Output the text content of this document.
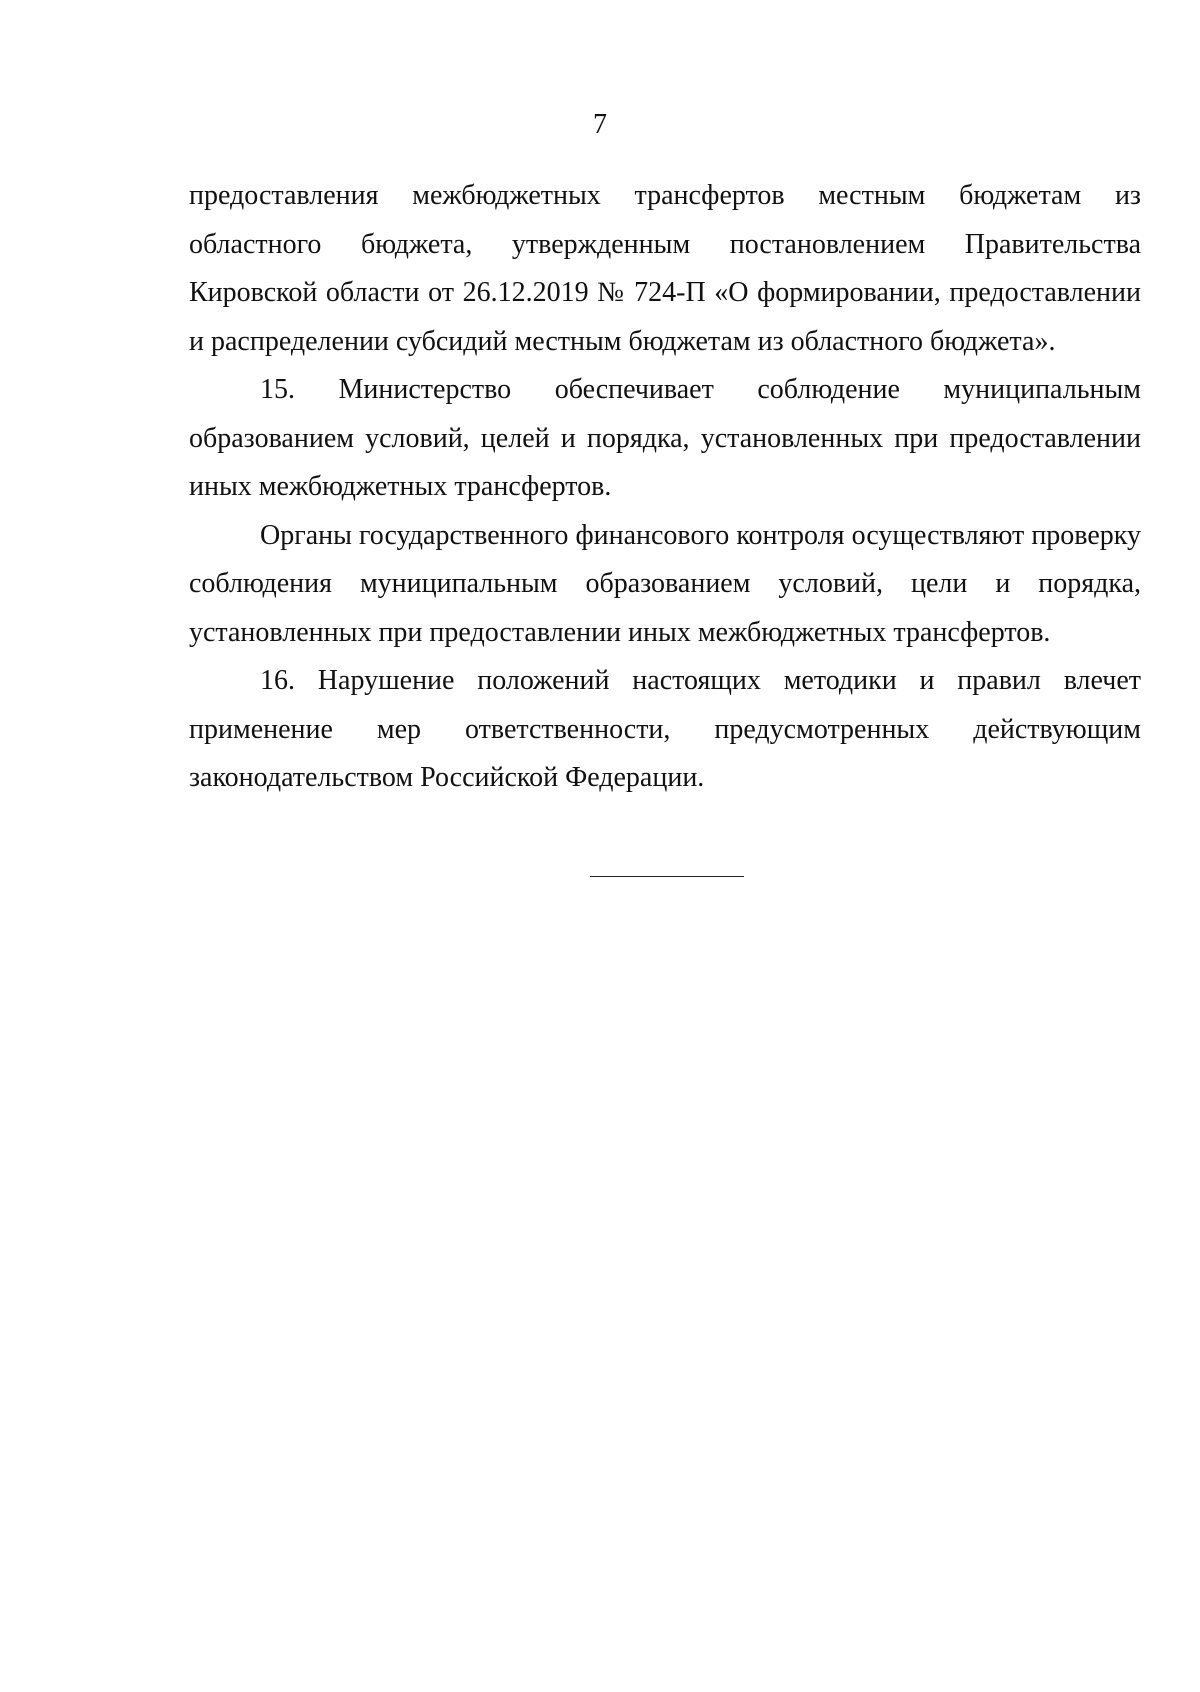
7

предоставления межбюджетных трансфертов местным бюджетам из областного бюджета, утвержденным постановлением Правительства Кировской области от 26.12.2019 № 724-П «О формировании, предоставлении и распределении субсидий местным бюджетам из областного бюджета».

15. Министерство обеспечивает соблюдение муниципальным образованием условий, целей и порядка, установленных при предоставлении иных межбюджетных трансфертов.

Органы государственного финансового контроля осуществляют проверку соблюдения муниципальным образованием условий, цели и порядка, установленных при предоставлении иных межбюджетных трансфертов.

16. Нарушение положений настоящих методики и правил влечет применение мер ответственности, предусмотренных действующим законодательством Российской Федерации.
